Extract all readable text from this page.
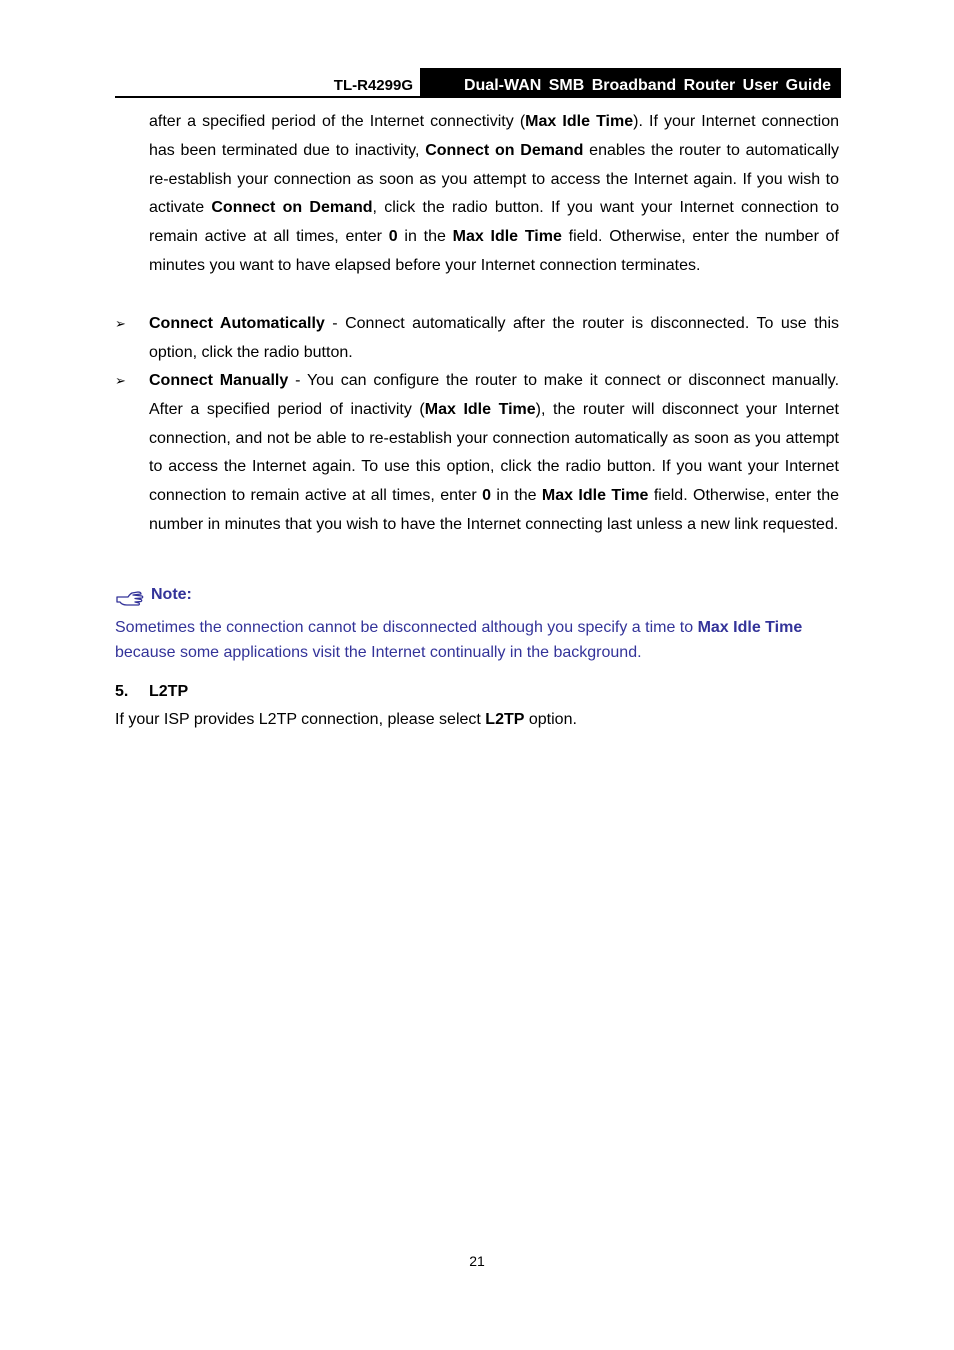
TL-R4299G	Dual-WAN SMB Broadband Router User Guide
after a specified period of the Internet connectivity (Max Idle Time). If your Internet connection has been terminated due to inactivity, Connect on Demand enables the router to automatically re-establish your connection as soon as you attempt to access the Internet again. If you wish to activate Connect on Demand, click the radio button. If you want your Internet connection to remain active at all times, enter 0 in the Max Idle Time field. Otherwise, enter the number of minutes you want to have elapsed before your Internet connection terminates.
➢ Connect Automatically - Connect automatically after the router is disconnected. To use this option, click the radio button.
➢ Connect Manually - You can configure the router to make it connect or disconnect manually. After a specified period of inactivity (Max Idle Time), the router will disconnect your Internet connection, and not be able to re-establish your connection automatically as soon as you attempt to access the Internet again. To use this option, click the radio button. If you want your Internet connection to remain active at all times, enter 0 in the Max Idle Time field. Otherwise, enter the number in minutes that you wish to have the Internet connecting last unless a new link requested.
Note:
Sometimes the connection cannot be disconnected although you specify a time to Max Idle Time because some applications visit the Internet continually in the background.
5. L2TP
If your ISP provides L2TP connection, please select L2TP option.
21
